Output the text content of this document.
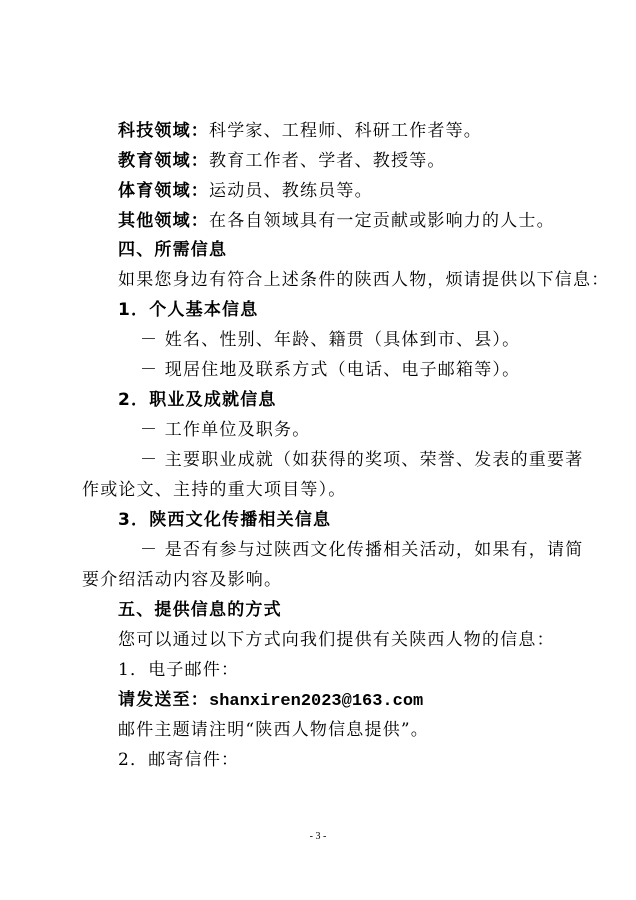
科技领域：科学家、工程师、科研工作者等。
教育领域：教育工作者、学者、教授等。
体育领域：运动员、教练员等。
其他领域：在各自领域具有一定贡献或影响力的人士。
四、所需信息
如果您身边有符合上述条件的陕西人物，烦请提供以下信息：
1．个人基本信息
－ 姓名、性别、年龄、籍贯（具体到市、县）。
－ 现居住地及联系方式（电话、电子邮箱等）。
2．职业及成就信息
－ 工作单位及职务。
－ 主要职业成就（如获得的奖项、荣誉、发表的重要著
作或论文、主持的重大项目等）。
3．陕西文化传播相关信息
－ 是否有参与过陕西文化传播相关活动，如果有，请简
要介绍活动内容及影响。
五、提供信息的方式
您可以通过以下方式向我们提供有关陕西人物的信息：
1．电子邮件：
请发送至：shanxiren2023@163.com
邮件主题请注明“陕西人物信息提供”。
2．邮寄信件：
- 3 -
